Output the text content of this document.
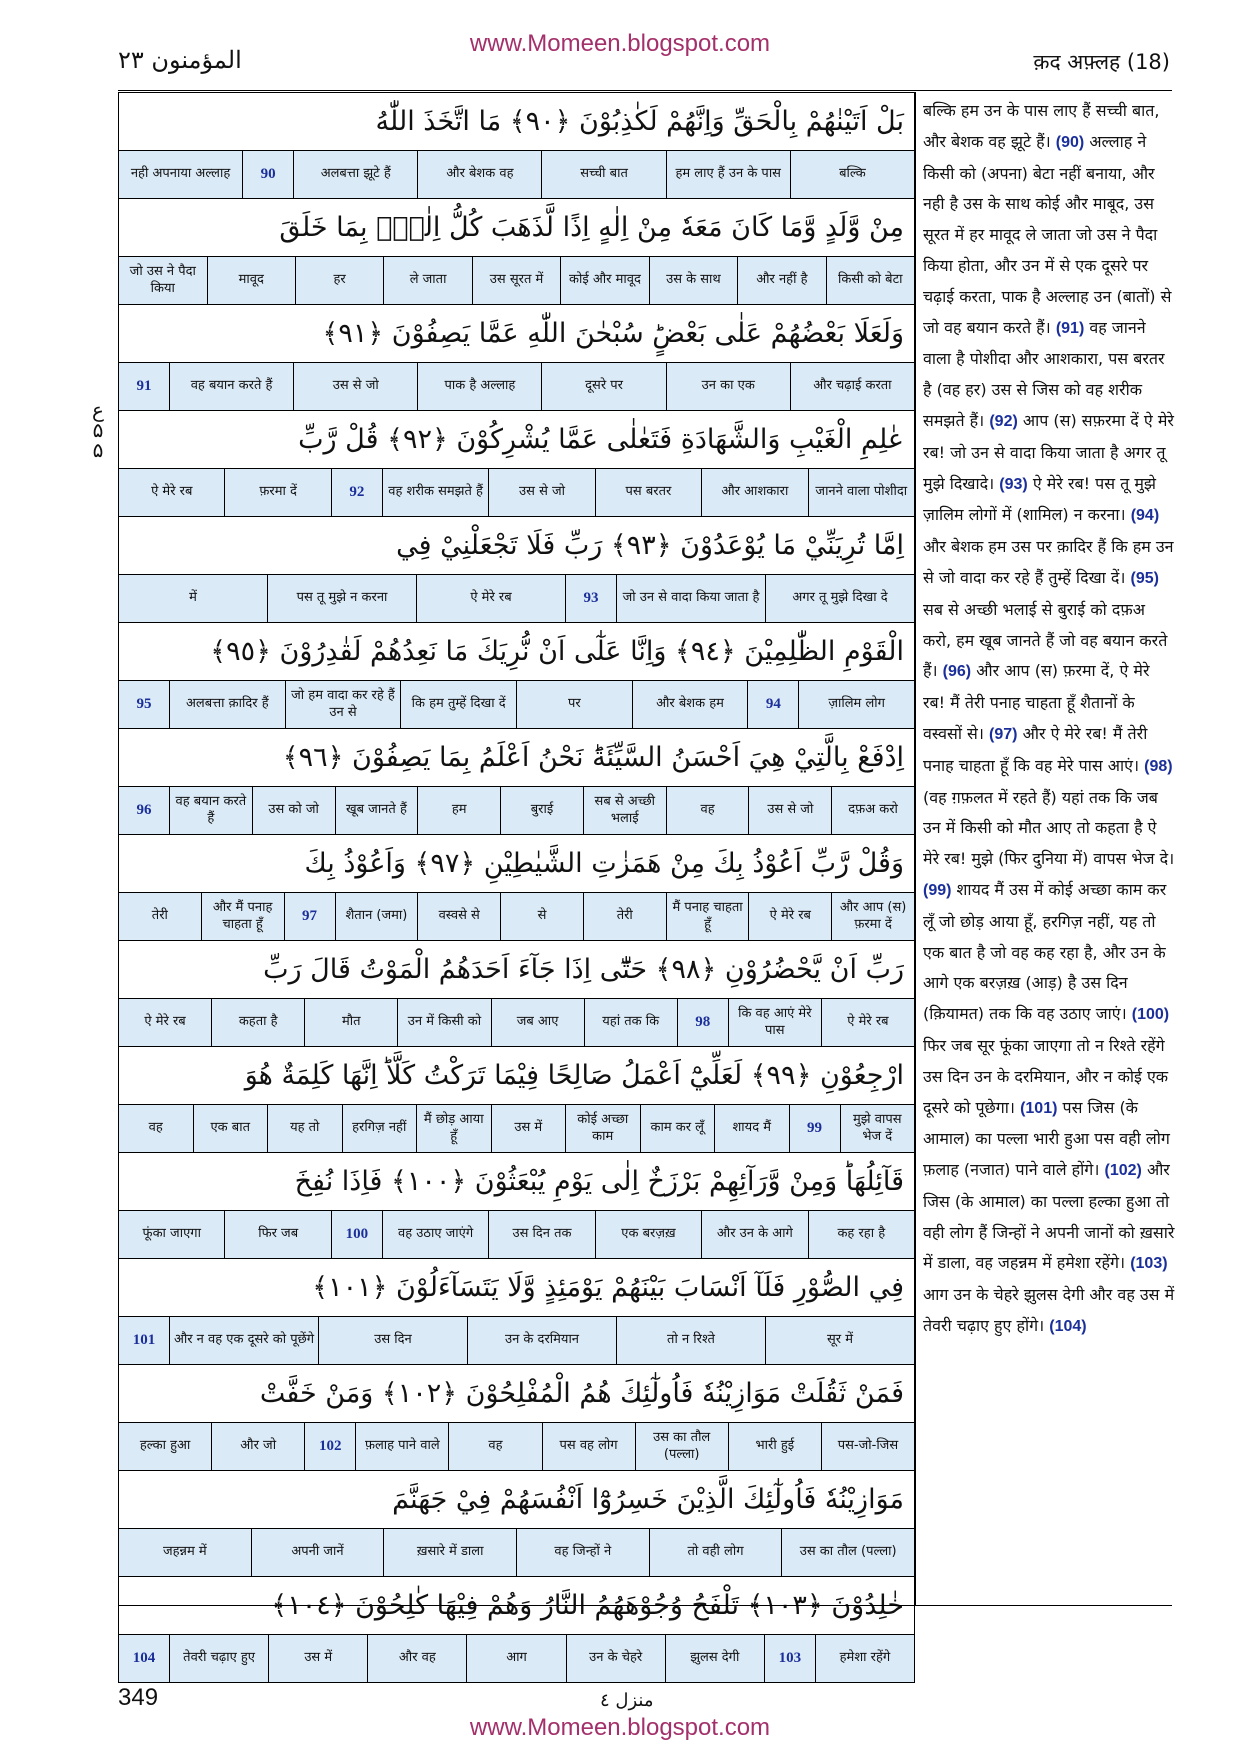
www.Momeen.blogspot.com
المؤمنون ٢٣	क़द अफ़्लह (18)
ع ۵ ۵
بَلْ اَتَيْنٰهُمْ بِالْحَقِّ وَاِنَّهُمْ لَكٰذِبُوْنَ ﴿٩٠﴾ مَا اتَّخَذَ اللّٰهُ
बल्कि
हम लाए हैं उन के पास
सच्ची बात
और बेशक वह
अलबत्ता झूटे हैं
90
नही अपनाया अल्लाह
مِنْ وَّلَدٍ وَّمَا كَانَ مَعَهٗ مِنْ اِلٰهٍ اِذًا لَّذَهَبَ كُلُّ اِلٰهٍۢ بِمَا خَلَقَ
किसी को बेटा
और नहीं है
उस के साथ
कोई और मावूद
उस सूरत में
ले जाता
हर
मावूद
जो उस ने पैदा किया
وَلَعَلَا بَعْضُهُمْ عَلٰى بَعْضٍؕ سُبْحٰنَ اللّٰهِ عَمَّا يَصِفُوْنَ ﴿٩١﴾
और चढ़ाई करता
उन का एक
दूसरे पर
पाक है अल्लाह
उस से जो
वह बयान करते हैं
91
عٰلِمِ الْغَيْبِ وَالشَّهَادَةِ فَتَعٰلٰى عَمَّا يُشْرِكُوْنَ ﴿٩٢﴾ قُلْ رَّبِّ
जानने वाला पोशीदा
और आशकारा
पस बरतर
उस से जो
वह शरीक समझते हैं
92
फ़रमा दें
ऐ मेरे रब
اِمَّا تُرِيَنِّيْ مَا يُوْعَدُوْنَ ﴿٩٣﴾ رَبِّ فَلَا تَجْعَلْنِيْ فِي
अगर तू मुझे दिखा दे
जो उन से वादा किया जाता है
93
ऐ मेरे रब
पस तू मुझे न करना
में
الْقَوْمِ الظّٰلِمِيْنَ ﴿٩٤﴾ وَاِنَّا عَلٰٓى اَنْ نُّرِيَكَ مَا نَعِدُهُمْ لَقٰدِرُوْنَ ﴿٩٥﴾
ज़ालिम लोग
94
और बेशक हम
पर
कि हम तुम्हें दिखा दें
जो हम वादा कर रहे हैं उन से
अलबत्ता क़ादिर हैं
95
اِدْفَعْ بِالَّتِيْ هِيَ اَحْسَنُ السَّيِّئَةَؕ نَحْنُ اَعْلَمُ بِمَا يَصِفُوْنَ ﴿٩٦﴾
दफ़अ करो
उस से जो
वह
सब से अच्छी भलाई
बुराई
हम
खूब जानते हैं
उस को जो
वह बयान करते हैं
96
وَقُلْ رَّبِّ اَعُوْذُ بِكَ مِنْ هَمَزٰتِ الشَّيٰطِيْنِ ﴿٩٧﴾ وَاَعُوْذُ بِكَ
और आप (स) फ़रमा दें
ऐ मेरे रब
मैं पनाह चाहता हूँ
तेरी
से
वस्वसे से
शैतान (जमा)
97
और मैं पनाह चाहता हूँ
तेरी
رَبِّ اَنْ يَّحْضُرُوْنِ ﴿٩٨﴾ حَتّٰٓى اِذَا جَآءَ اَحَدَهُمُ الْمَوْتُ قَالَ رَبِّ
ऐ मेरे रब
कि वह आएं मेरे पास
98
यहां तक कि
जब आए
उन में किसी को
मौत
कहता है
ऐ मेरे रब
ارْجِعُوْنِ ﴿٩٩﴾ لَعَلِّيْٓ اَعْمَلُ صَالِحًا فِيْمَا تَرَكْتُ كَلَّاؕ اِنَّهَا كَلِمَةٌ هُوَ
मुझे वापस भेज दें
99
शायद मैं
काम कर लूँ
कोई अच्छा काम
उस में
मैं छोड़ आया हूँ
हरगिज़ नहीं
यह तो
एक बात
वह
قَآئِلُهَاؕ وَمِنْ وَّرَآئِهِمْ بَرْزَخٌ اِلٰى يَوْمِ يُبْعَثُوْنَ ﴿١٠٠﴾ فَاِذَا نُفِخَ
कह रहा है
और उन के आगे
एक बरज़ख़
उस दिन तक
वह उठाए जाएंगे
100
फिर जब
फूंका जाएगा
فِي الصُّوْرِ فَلَآ اَنْسَابَ بَيْنَهُمْ يَوْمَئِذٍ وَّلَا يَتَسَآءَلُوْنَ ﴿١٠١﴾
सूर में
तो न रिश्ते
उन के दरमियान
उस दिन
और न वह एक दूसरे को पूछेंगे
101
فَمَنْ ثَقُلَتْ مَوَازِيْنُهٗ فَاُولٰٓئِكَ هُمُ الْمُفْلِحُوْنَ ﴿١٠٢﴾ وَمَنْ خَفَّتْ
पस-जो-जिस
भारी हुई
उस का तौल (पल्ला)
पस वह लोग
वह
फ़लाह पाने वाले
102
और जो
हल्का हुआ
مَوَازِيْنُهٗ فَاُولٰٓئِكَ الَّذِيْنَ خَسِرُوْٓا اَنْفُسَهُمْ فِيْ جَهَنَّمَ
उस का तौल (पल्ला)
तो वही लोग
वह जिन्हों ने
ख़सारे में डाला
अपनी जानें
जहन्नम में
خٰلِدُوْنَ ﴿١٠٣﴾ تَلْفَحُ وُجُوْهَهُمُ النَّارُ وَهُمْ فِيْهَا كٰلِحُوْنَ ﴿١٠٤﴾
हमेशा रहेंगे
103
झुलस देगी
उन के चेहरे
आग
और वह
उस में
तेवरी चढ़ाए हुए
104
बल्कि हम उन के पास लाए हैं सच्ची बात, और बेशक वह झूटे हैं। (90) अल्लाह ने किसी को (अपना) बेटा नहीं बनाया, और नही है उस के साथ कोई और माबूद, उस सूरत में हर मावूद ले जाता जो उस ने पैदा किया होता, और उन में से एक दूसरे पर चढ़ाई करता, पाक है अल्लाह उन (बातों) से जो वह बयान करते हैं। (91) वह जानने वाला है पोशीदा और आशकारा, पस बरतर है (वह हर) उस से जिस को वह शरीक समझते हैं। (92) आप (स) सफ़रमा दें ऐ मेरे रब! जो उन से वादा किया जाता है अगर तू मुझे दिखादे। (93) ऐ मेरे रब! पस तू मुझे ज़ालिम लोगों में (शामिल) न करना। (94) और बेशक हम उस पर क़ादिर हैं कि हम उन से जो वादा कर रहे हैं तुम्हें दिखा दें। (95) सब से अच्छी भलाई से बुराई को दफ़अ करो, हम खूब जानते हैं जो वह बयान करते हैं। (96) और आप (स) फ़रमा दें, ऐ मेरे रब! मैं तेरी पनाह चाहता हूँ शैतानों के वस्वसों से। (97) और ऐ मेरे रब! मैं तेरी पनाह चाहता हूँ कि वह मेरे पास आएं। (98) (वह ग़फ़लत में रहते हैं) यहां तक कि जब उन में किसी को मौत आए तो कहता है ऐ मेरे रब! मुझे (फिर दुनिया में) वापस भेज दे। (99) शायद मैं उस में कोई अच्छा काम कर लूँ जो छोड़ आया हूँ, हरगिज़ नहीं, यह तो एक बात है जो वह कह रहा है, और उन के आगे एक बरज़ख़ (आड़) है उस दिन (क़ियामत) तक कि वह उठाए जाएं। (100) फिर जब सूर फूंका जाएगा तो न रिश्ते रहेंगे उस दिन उन के दरमियान, और न कोई एक दूसरे को पूछेगा। (101) पस जिस (के आमाल) का पल्ला भारी हुआ पस वही लोग फ़लाह (नजात) पाने वाले होंगे। (102) और जिस (के आमाल) का पल्ला हल्का हुआ तो वही लोग हैं जिन्हों ने अपनी जानों को ख़सारे में डाला, वह जहन्नम में हमेशा रहेंगे। (103) आग उन के चेहरे झुलस देगी और वह उस में तेवरी चढ़ाए हुए होंगे। (104)
349	منزل ٤
www.Momeen.blogspot.com
